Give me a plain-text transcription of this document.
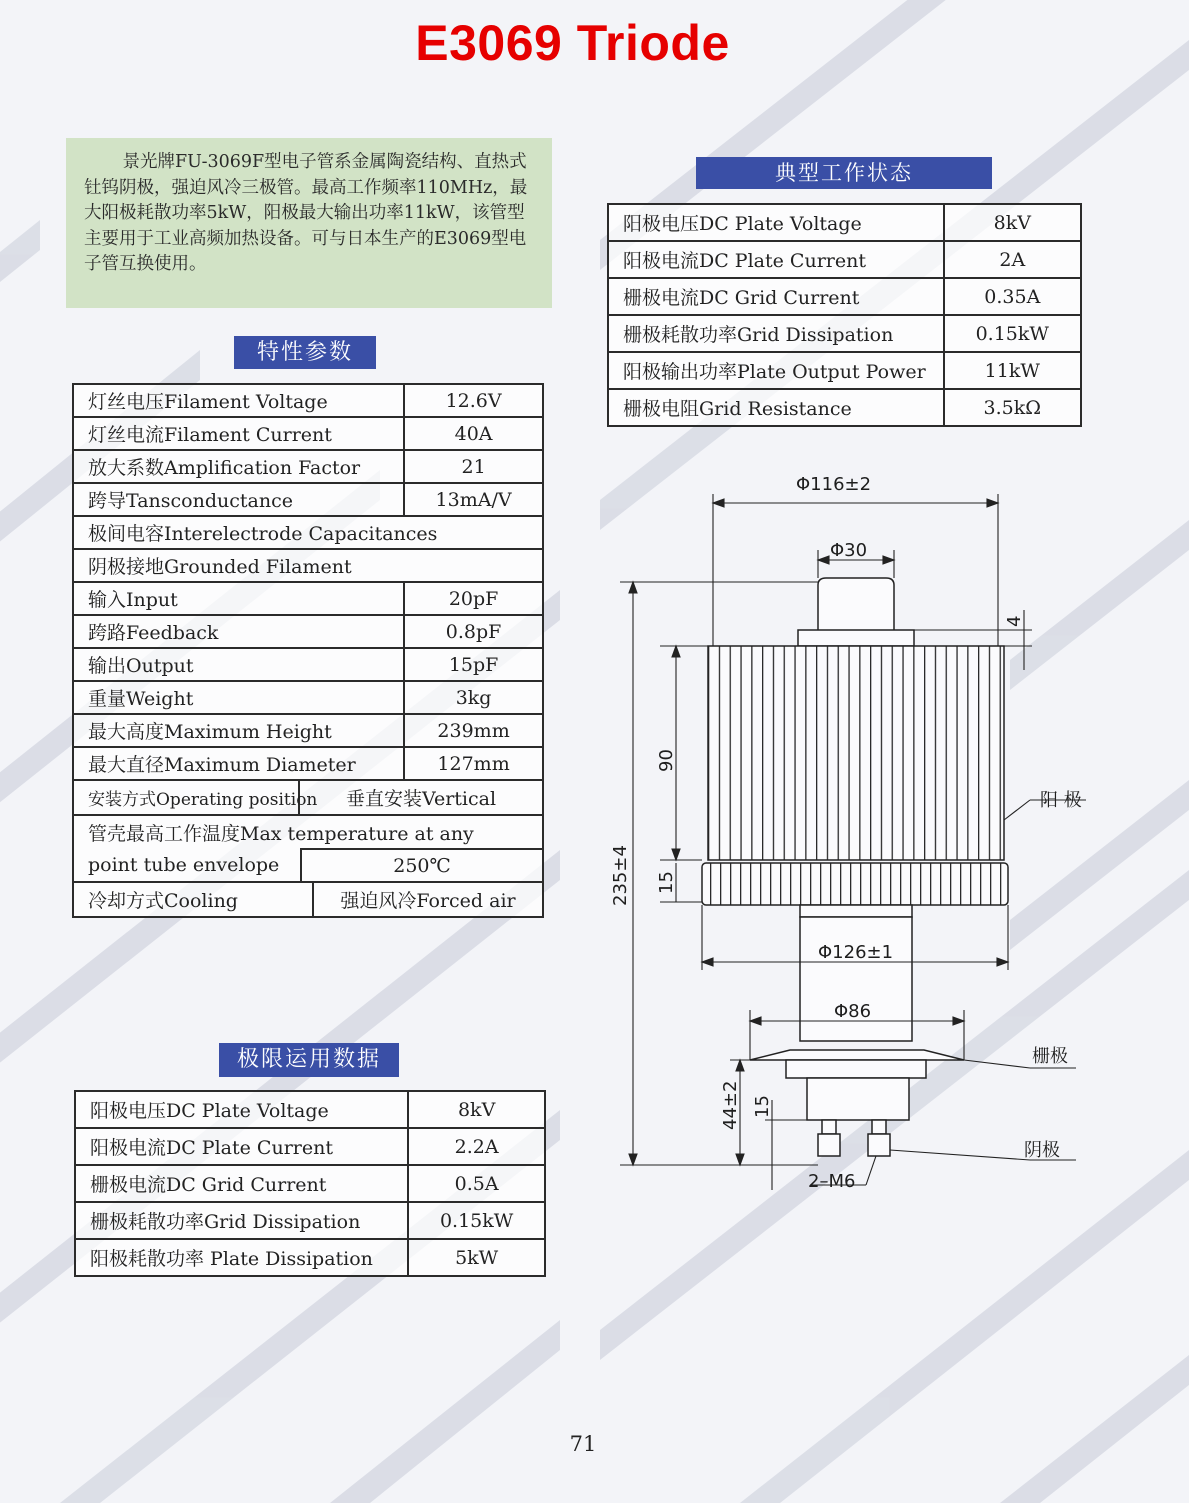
E3069 Triode

景光牌FU-3069F型电子管系金属陶瓷结构、直热式钍钨阴极，强迫风冷三极管。最高工作频率110MHz，最大阳极耗散功率5kW，阳极最大输出功率11kW，该管型主要用于工业高频加热设备。可与日本生产的E3069型电子管互换使用。

特性参数
灯丝电压Filament Voltage	12.6V
灯丝电流Filament Current	40A
放大系数Amplification Factor	21
跨导Tansconductance	13mA/V
极间电容Interelectrode Capacitances	
阴极接地Grounded Filament	
输入Input	20pF
跨路Feedback	0.8pF
输出Output	15pF
重量Weight	3kg
最大高度Maximum Height	239mm
最大直径Maximum Diameter	127mm

安装方式Operating position 垂直安装Vertical	

管壳最高工作温度Max temperature at any	

point tube envelope 250℃	

冷却方式Cooling 强迫风冷Forced air	
极限运用数据
阳极电压DC Plate Voltage	8kV
阳极电流DC Plate Current	2.2A
栅极电流DC Grid Current	0.5A
栅极耗散功率Grid Dissipation	0.15kW
阳极耗散功率 Plate Dissipation	5kW
典型工作状态
阳极电压DC Plate Voltage	8kV
阳极电流DC Plate Current	2A
栅极电流DC Grid Current	0.35A
栅极耗散功率Grid Dissipation	0.15kW
阳极输出功率Plate Output Power	11kW
栅极电阻Grid Resistance	3.5kΩ
Φ116±2
Φ30
4
90
15
235±4
Φ126±1
Φ86
44±2 15
2–M6
阳 极
栅极
阴极
71
